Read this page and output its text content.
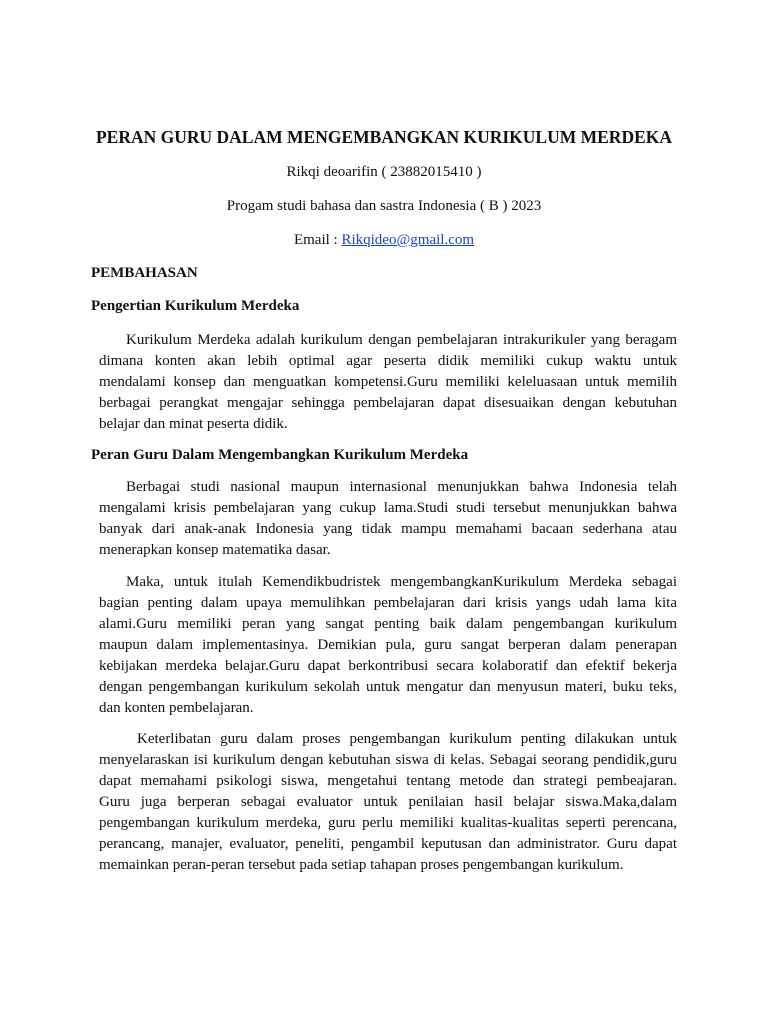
PERAN GURU DALAM MENGEMBANGKAN KURIKULUM MERDEKA
Rikqi deoarifin ( 23882015410 )
Progam studi bahasa dan sastra Indonesia ( B ) 2023
Email : Rikqideo@gmail.com
PEMBAHASAN
Pengertian Kurikulum Merdeka
Kurikulum Merdeka adalah kurikulum dengan pembelajaran intrakurikuler yang beragam
dimana konten akan lebih optimal agar peserta didik memiliki cukup waktu untuk
mendalami konsep dan menguatkan kompetensi.Guru memiliki keleluasaan untuk memilih
berbagai perangkat mengajar sehingga pembelajaran dapat disesuaikan dengan kebutuhan
belajar dan minat peserta didik.
Peran Guru Dalam Mengembangkan Kurikulum Merdeka
Berbagai studi nasional maupun internasional menunjukkan bahwa Indonesia telah
mengalami krisis pembelajaran yang cukup lama.Studi studi tersebut menunjukkan bahwa
banyak dari anak-anak Indonesia yang tidak mampu memahami bacaan sederhana atau
menerapkan konsep matematika dasar.
Maka, untuk itulah Kemendikbudristek mengembangkanKurikulum Merdeka sebagai
bagian penting dalam upaya memulihkan pembelajaran dari krisis yangs udah lama kita
alami.Guru memiliki peran yang sangat penting baik dalam pengembangan kurikulum
maupun dalam implementasinya. Demikian pula, guru sangat berperan dalam penerapan
kebijakan merdeka belajar.Guru dapat berkontribusi secara kolaboratif dan efektif bekerja
dengan pengembangan kurikulum sekolah untuk mengatur dan menyusun materi, buku teks,
dan konten pembelajaran.
Keterlibatan guru dalam proses pengembangan kurikulum penting dilakukan untuk
menyelaraskan isi kurikulum dengan kebutuhan siswa di kelas. Sebagai seorang pendidik,guru
dapat memahami psikologi siswa, mengetahui tentang metode dan strategi pembeajaran.
Guru juga berperan sebagai evaluator untuk penilaian hasil belajar siswa.Maka,dalam
pengembangan kurikulum merdeka, guru perlu memiliki kualitas-kualitas seperti perencana,
perancang, manajer, evaluator, peneliti, pengambil keputusan dan administrator. Guru dapat
memainkan peran-peran tersebut pada setiap tahapan proses pengembangan kurikulum.
